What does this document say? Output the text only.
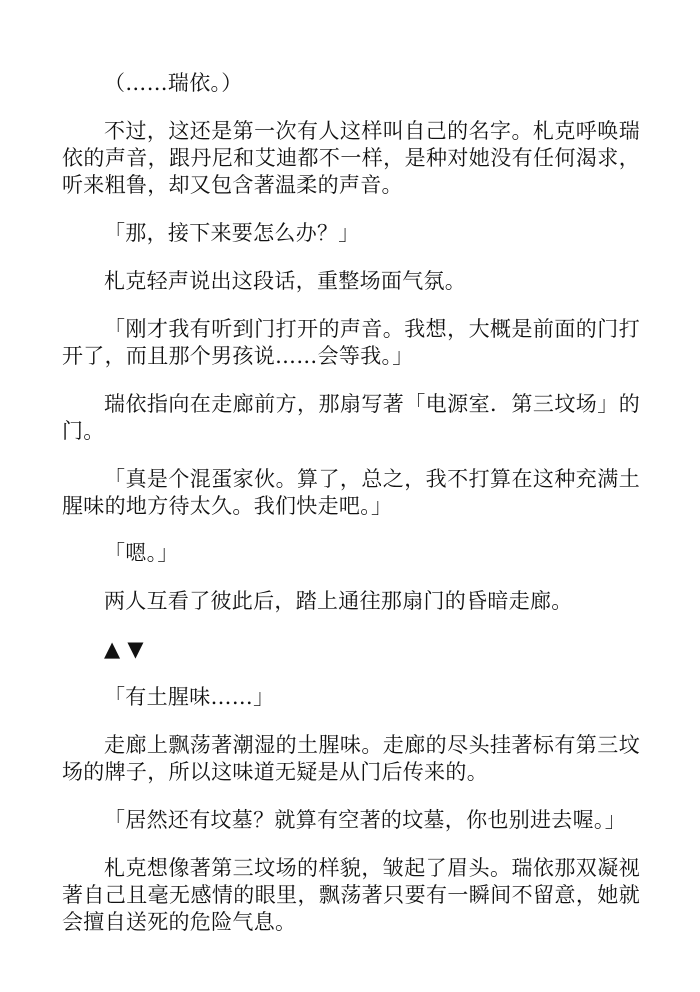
（……瑞依。）

不过，这还是第一次有人这样叫自己的名字。札克呼唤瑞依的声音，跟丹尼和艾迪都不一样，是种对她没有任何渴求，听来粗鲁，却又包含著温柔的声音。

「那，接下来要怎么办？」

札克轻声说出这段话，重整场面气氛。

「刚才我有听到门打开的声音。我想，大概是前面的门打开了，而且那个男孩说……会等我。」

瑞依指向在走廊前方，那扇写著「电源室．第三坟场」的门。

「真是个混蛋家伙。算了，总之，我不打算在这种充满土腥味的地方待太久。我们快走吧。」

「嗯。」

两人互看了彼此后，踏上通往那扇门的昏暗走廊。

▲ ▼

「有土腥味……」

走廊上飘荡著潮湿的土腥味。走廊的尽头挂著标有第三坟场的牌子，所以这味道无疑是从门后传来的。

「居然还有坟墓？就算有空著的坟墓，你也别进去喔。」

札克想像著第三坟场的样貌，皱起了眉头。瑞依那双凝视著自己且毫无感情的眼里，飘荡著只要有一瞬间不留意，她就会擅自送死的危险气息。
